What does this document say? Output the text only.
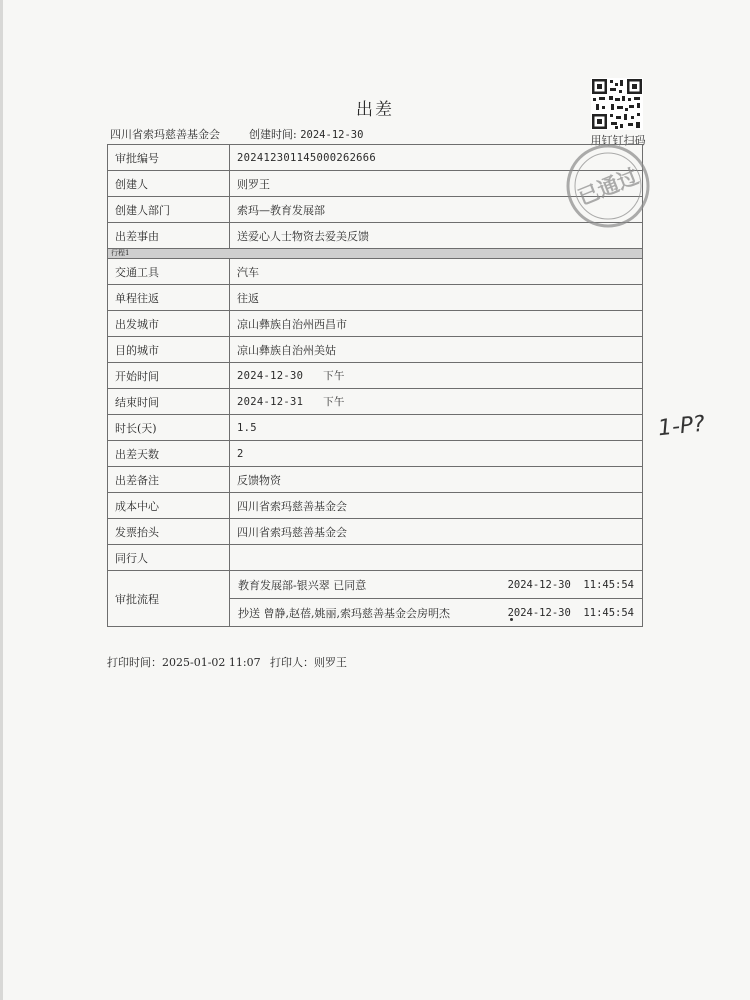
出差
四川省索玛慈善基金会	创建时间: 2024-12-30	用钉钉扫码
审批编号	202412301145000262666
创建人	则罗王
创建人部门	索玛—教育发展部
出差事由	送爱心人士物资去爱美反馈
行程1	
交通工具	汽车
单程往返	往返
出发城市	凉山彝族自治州西昌市
目的城市	凉山彝族自治州美姑
开始时间	2024-12-30   下午
结束时间	2024-12-31   下午
时长(天)	1.5
出差天数	2
出差备注	反馈物资
成本中心	四川省索玛慈善基金会
发票抬头	四川省索玛慈善基金会
同行人	
审批流程	教育发展部-银兴翠 已同意 2024-12-30  11:45:54
抄送 曾静,赵蓓,姚丽,索玛慈善基金会房明杰 2024-12-30  11:45:54
打印时间：2025-01-02 11:07 打印人：则罗王
已通过
1-P?
